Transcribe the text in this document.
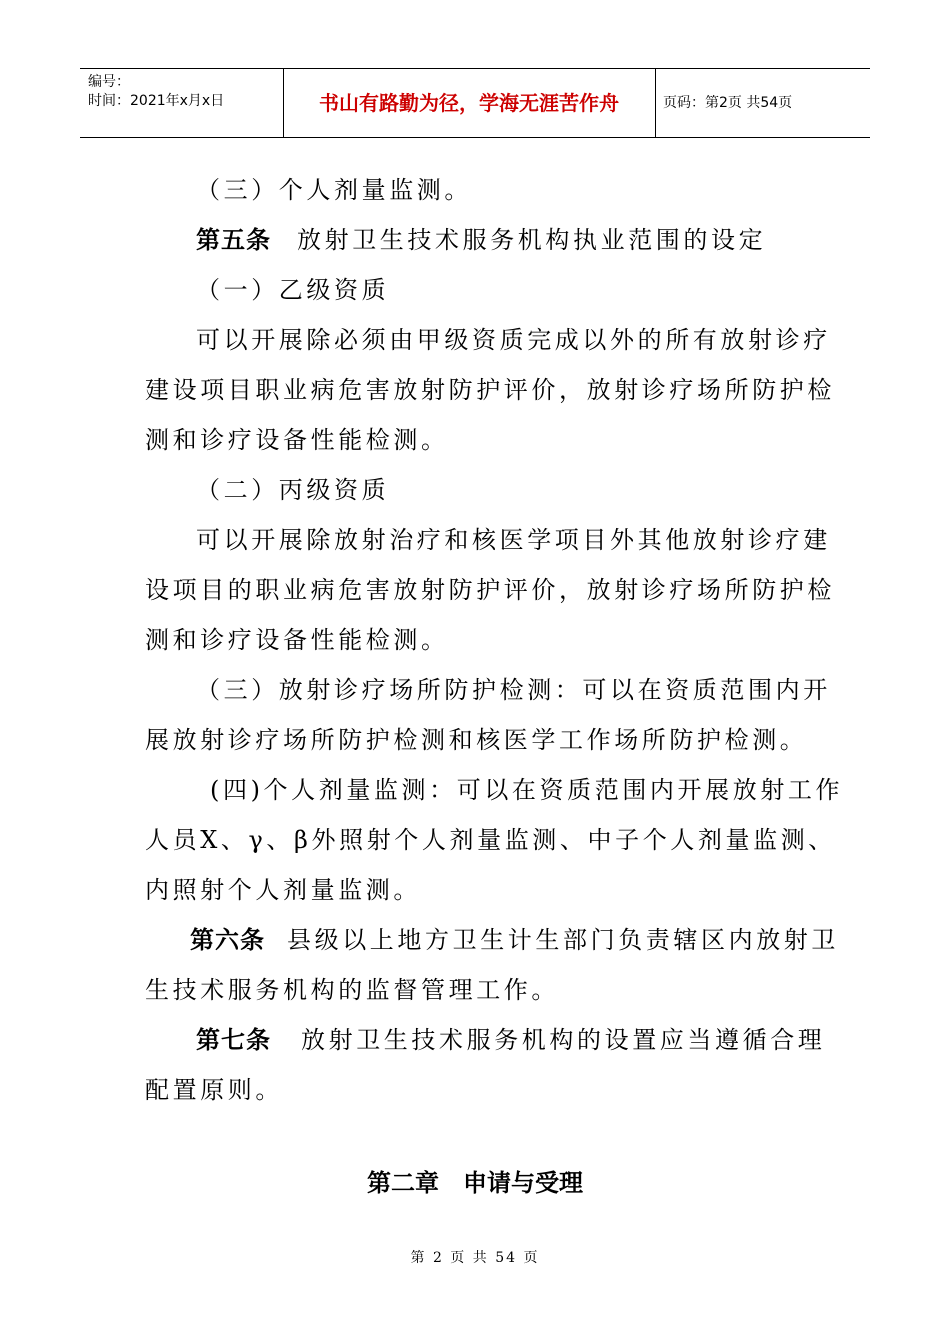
编号：
时间：2021年x月x日	书山有路勤为径，学海无涯苦作舟	页码：第2页 共54页
（三）个人剂量监测。
第五条 放射卫生技术服务机构执业范围的设定
（一）乙级资质
可以开展除必须由甲级资质完成以外的所有放射诊疗
建设项目职业病危害放射防护评价，放射诊疗场所防护检
测和诊疗设备性能检测。
（二）丙级资质
可以开展除放射治疗和核医学项目外其他放射诊疗建
设项目的职业病危害放射防护评价，放射诊疗场所防护检
测和诊疗设备性能检测。
（三）放射诊疗场所防护检测：可以在资质范围内开
展放射诊疗场所防护检测和核医学工作场所防护检测。
(四)个人剂量监测：可以在资质范围内开展放射工作
人员X、γ、β外照射个人剂量监测、中子个人剂量监测、
内照射个人剂量监测。
第六条 县级以上地方卫生计生部门负责辖区内放射卫
生技术服务机构的监督管理工作。
第七条 放射卫生技术服务机构的设置应当遵循合理
配置原则。
第二章　申请与受理
第 2 页 共 54 页
